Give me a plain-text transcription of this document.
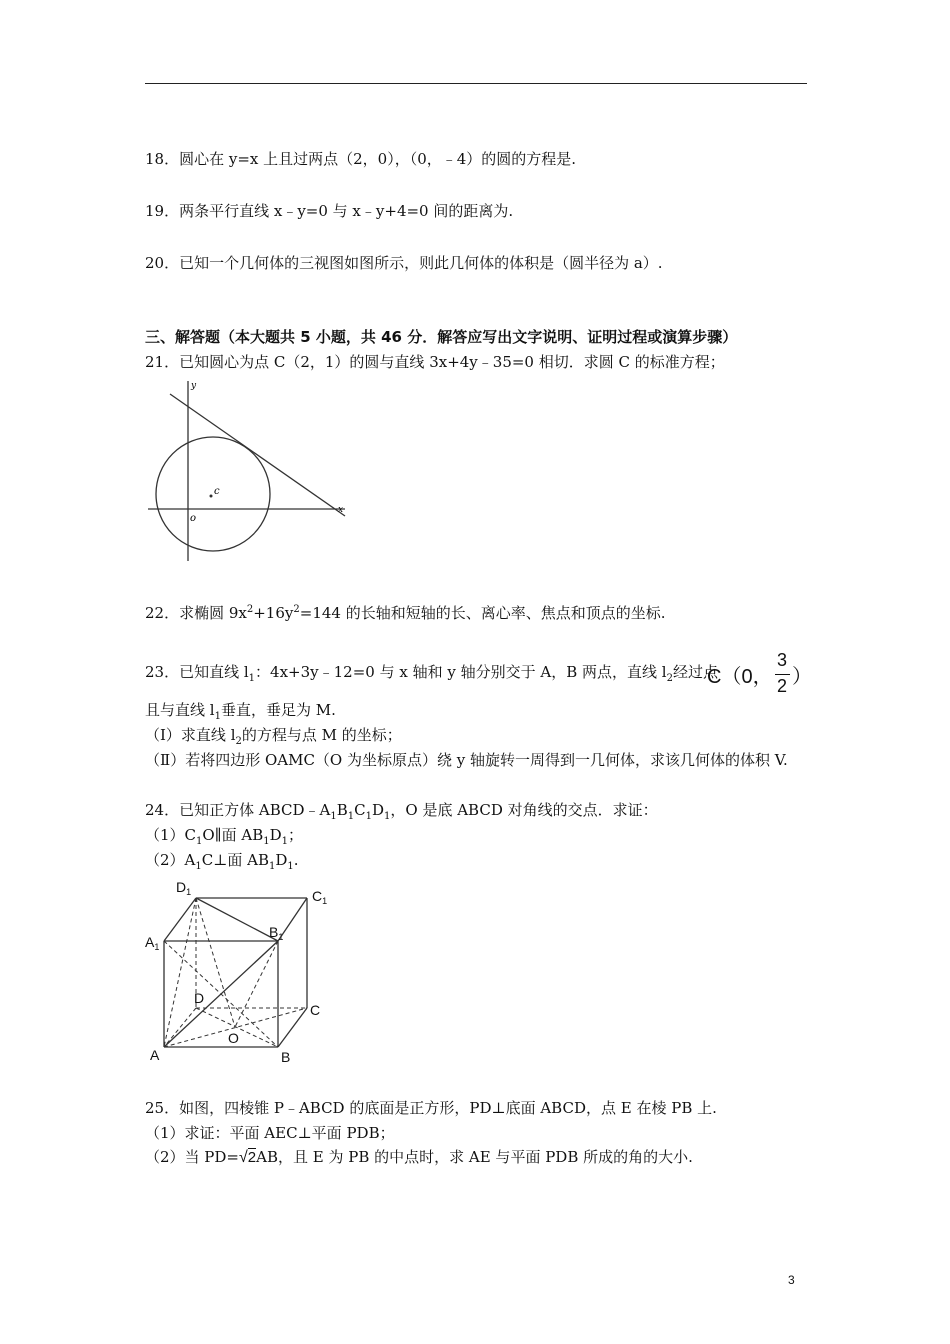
18．圆心在 y=x 上且过两点（2，0），（0，﹣4）的圆的方程是.
19．两条平行直线 x﹣y=0 与 x﹣y+4=0 间的距离为.
20．已知一个几何体的三视图如图所示，则此几何体的体积是（圆半径为 a）.
三、解答题（本大题共 5 小题，共 46 分．解答应写出文字说明、证明过程或演算步骤）
21．已知圆心为点 C（2，1）的圆与直线 3x+4y﹣35=0 相切．求圆 C 的标准方程；
y
x
o
c
22．求椭圆 $9x^2+16y^2=144$ 的长轴和短轴的长、离心率、焦点和顶点的坐标.
23．已知直线 $l_1$：4x+3y﹣12=0 与 x 轴和 y 轴分别交于 A，B 两点，直线 $l_2$经过点
C（0，
3
2 ）
且与直线 $l_1$垂直，垂足为 M.
（Ⅰ）求直线 $l_2$的方程与点 M 的坐标；
（Ⅱ）若将四边形 OAMC（O 为坐标原点）绕 y 轴旋转一周得到一几何体，求该几何体的体积 V.
24．已知正方体 $ABCD﹣A_1B_1C_1D_1$，O 是底 ABCD 对角线的交点．求证：
$(1)C_1O\parallel$面 $AB_1D_1$；
$(2)A_1C\perp$面 $AB_1D_1$.
$D_1$	$C_1$
$A_1$
$B_1$
D
C
O
A	B
25．如图，四棱锥 P﹣ABCD 的底面是正方形，PD⊥底面 ABCD，点 E 在棱 PB 上.
（1）求证：平面 AEC⊥平面 PDB；
（2）当 PD=√2AB，且 E 为 PB 的中点时，求 AE 与平面 PDB 所成的角的大小.
3
